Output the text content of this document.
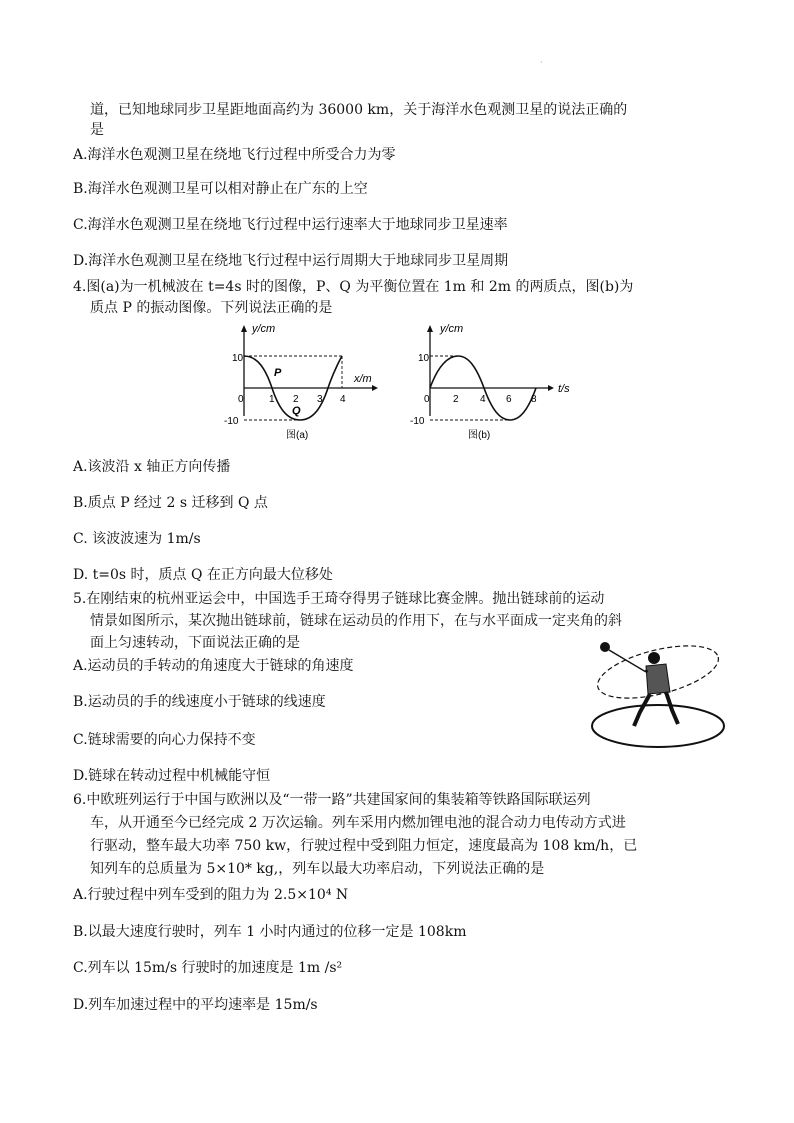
·
道，已知地球同步卫星距地面高约为 36000 km，关于海洋水色观测卫星的说法正确的
是
A.海洋水色观测卫星在绕地飞行过程中所受合力为零
B.海洋水色观测卫星可以相对静止在广东的上空
C.海洋水色观测卫星在绕地飞行过程中运行速率大于地球同步卫星速率
D.海洋水色观测卫星在绕地飞行过程中运行周期大于地球同步卫星周期
4.图(a)为一机械波在 t=4s 时的图像，P、Q 为平衡位置在 1m 和 2m 的两质点，图(b)为
质点 P 的振动图像。下列说法正确的是
y/cm
x/m
10
-10
0	1 2 3 4
P
Q
图(a)
y/cm
t/s
10
-10
0 2 4 6 8
图(b)
A.该波沿 x 轴正方向传播
B.质点 P 经过 2 s 迁移到 Q 点
C. 该波波速为 1m/s
D. t=0s 时，质点 Q 在正方向最大位移处
5.在刚结束的杭州亚运会中，中国选手王琦夺得男子链球比赛金牌。抛出链球前的运动
情景如图所示，某次抛出链球前，链球在运动员的作用下，在与水平面成一定夹角的斜
面上匀速转动，下面说法正确的是
A.运动员的手转动的角速度大于链球的角速度
B.运动员的手的线速度小于链球的线速度
C.链球需要的向心力保持不变
D.链球在转动过程中机械能守恒
6.中欧班列运行于中国与欧洲以及“一带一路”共建国家间的集装箱等铁路国际联运列
车，从开通至今已经完成 2 万次运输。列车采用内燃加锂电池的混合动力电传动方式进
行驱动，整车最大功率 750 kw，行驶过程中受到阻力恒定，速度最高为 108 km/h，已
知列车的总质量为 5×10* kg,，列车以最大功率启动，下列说法正确的是
A.行驶过程中列车受到的阻力为 2.5×10⁴ N
B.以最大速度行驶时，列车 1 小时内通过的位移一定是 108km
C.列车以 15m/s 行驶时的加速度是 1m /s²
D.列车加速过程中的平均速率是 15m/s
